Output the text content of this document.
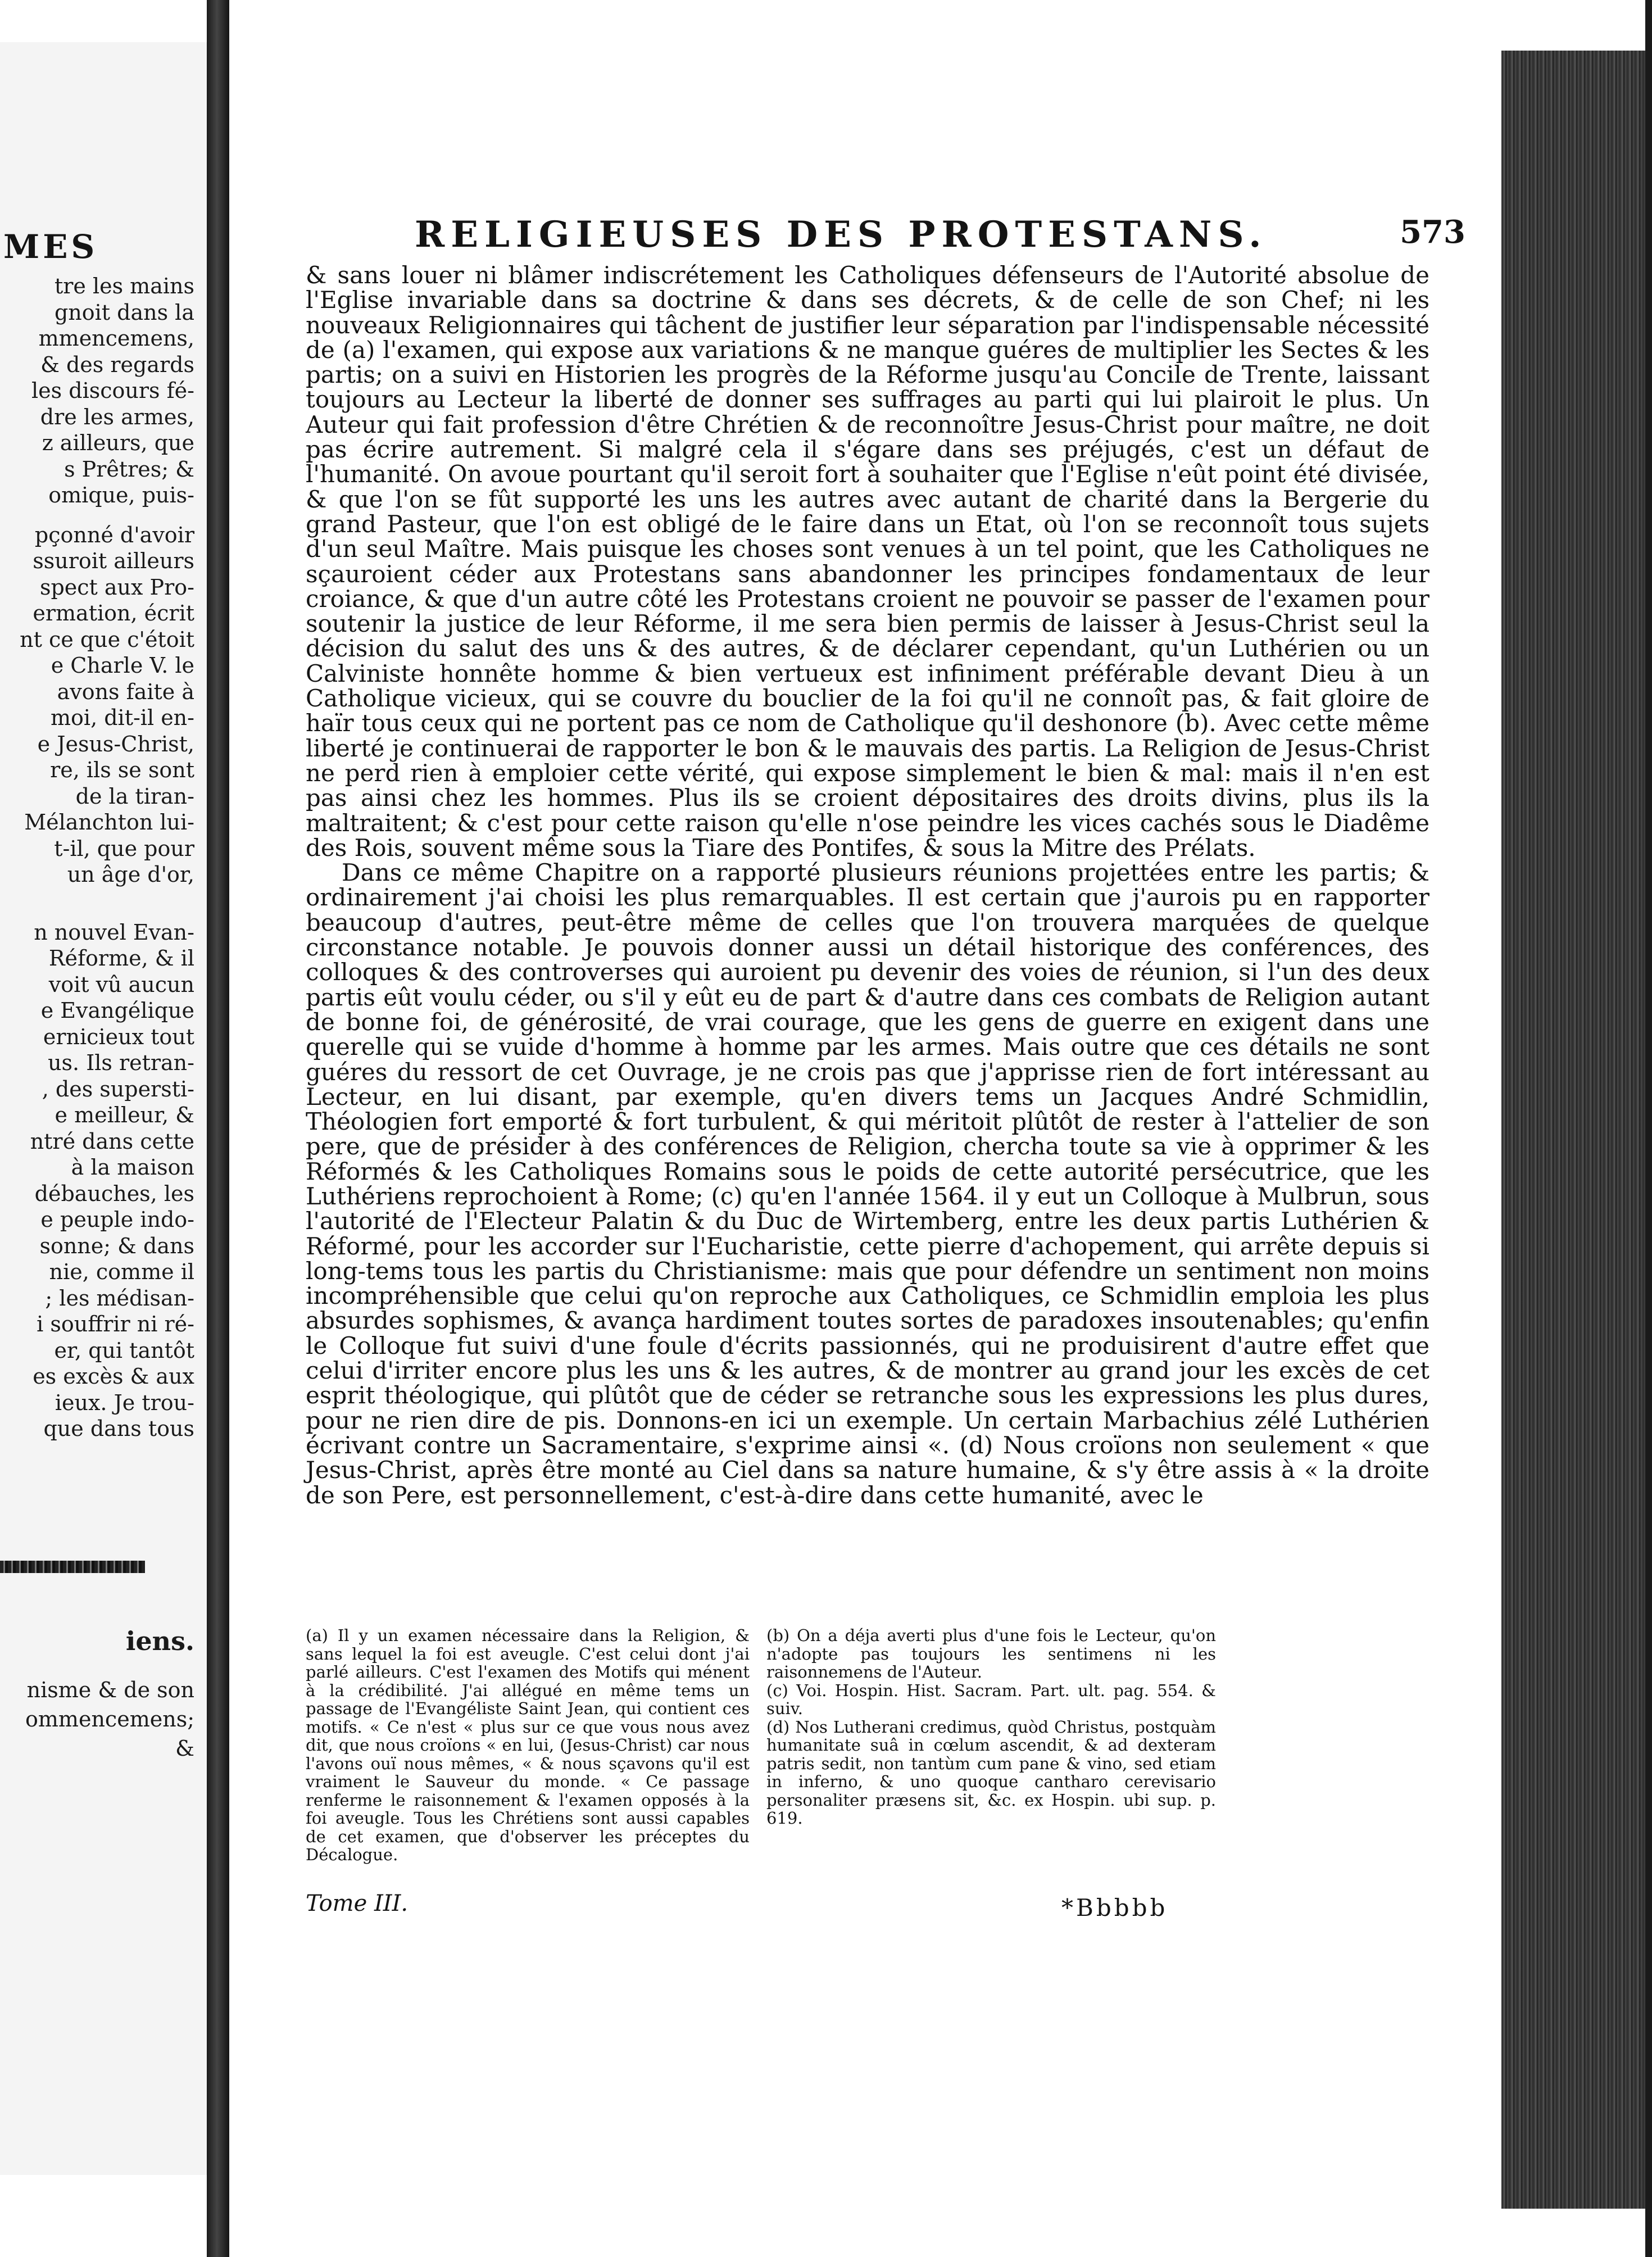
MES
tre les mains
gnoit dans la
mmencemens,
& des regards
les discours fé-
dre les armes,
z ailleurs, que
s Prêtres; &
omique, puis-
pçonné d'avoir
ssuroit ailleurs
spect aux Pro-
ermation, écrit
nt ce que c'étoit
e Charle V. le
avons faite à
moi, dit-il en-
e Jesus-Christ,
re, ils se sont
de la tiran-
Mélanchton lui-
t-il, que pour
un âge d'or,
n nouvel Evan-
Réforme, & il
voit vû aucun
e Evangélique
ernicieux tout
us. Ils retran-
, des supersti-
e meilleur, &
ntré dans cette
à la maison
débauches, les
e peuple indo-
sonne; & dans
nie, comme il
; les médisan-
i souffrir ni ré-
er, qui tantôt
es excès & aux
ieux. Je trou-
que dans tous
iens.
nisme & de son
ommencemens;
&
RELIGIEUSES DES PROTESTANS.	573

& sans louer ni blâmer indiscrétement les Catholiques défenseurs de l'Autorité absolue de l'Eglise invariable dans sa doctrine & dans ses décrets, & de celle de son Chef; ni les nouveaux Religionnaires qui tâchent de justifier leur séparation par l'indispensable nécessité de (a) l'examen, qui expose aux variations & ne manque guéres de multiplier les Sectes & les partis; on a suivi en Historien les progrès de la Réforme jusqu'au Concile de Trente, laissant toujours au Lecteur la liberté de donner ses suffrages au parti qui lui plairoit le plus. Un Auteur qui fait profession d'être Chrétien & de reconnoître Jesus-Christ pour maître, ne doit pas écrire autrement. Si malgré cela il s'égare dans ses préjugés, c'est un défaut de l'humanité. On avoue pourtant qu'il seroit fort à souhaiter que l'Eglise n'eût point été divisée, & que l'on se fût supporté les uns les autres avec autant de charité dans la Bergerie du grand Pasteur, que l'on est obligé de le faire dans un Etat, où l'on se reconnoît tous sujets d'un seul Maître. Mais puisque les choses sont venues à un tel point, que les Catholiques ne sçauroient céder aux Protestans sans abandonner les principes fondamentaux de leur croiance, & que d'un autre côté les Protestans croient ne pouvoir se passer de l'examen pour soutenir la justice de leur Réforme, il me sera bien permis de laisser à Jesus-Christ seul la décision du salut des uns & des autres, & de déclarer cependant, qu'un Luthérien ou un Calviniste honnête homme & bien vertueux est infiniment préférable devant Dieu à un Catholique vicieux, qui se couvre du bouclier de la foi qu'il ne connoît pas, & fait gloire de haïr tous ceux qui ne portent pas ce nom de Catholique qu'il deshonore (b). Avec cette même liberté je continuerai de rapporter le bon & le mauvais des partis. La Religion de Jesus-Christ ne perd rien à emploier cette vérité, qui expose simplement le bien & mal: mais il n'en est pas ainsi chez les hommes. Plus ils se croient dépositaires des droits divins, plus ils la maltraitent; & c'est pour cette raison qu'elle n'ose peindre les vices cachés sous le Diadême des Rois, souvent même sous la Tiare des Pontifes, & sous la Mitre des Prélats.

Dans ce même Chapitre on a rapporté plusieurs réunions projettées entre les partis; & ordinairement j'ai choisi les plus remarquables. Il est certain que j'aurois pu en rapporter beaucoup d'autres, peut-être même de celles que l'on trouvera marquées de quelque circonstance notable. Je pouvois donner aussi un détail historique des conférences, des colloques & des controverses qui auroient pu devenir des voies de réunion, si l'un des deux partis eût voulu céder, ou s'il y eût eu de part & d'autre dans ces combats de Religion autant de bonne foi, de générosité, de vrai courage, que les gens de guerre en exigent dans une querelle qui se vuide d'homme à homme par les armes. Mais outre que ces détails ne sont guéres du ressort de cet Ouvrage, je ne crois pas que j'apprisse rien de fort intéressant au Lecteur, en lui disant, par exemple, qu'en divers tems un Jacques André Schmidlin, Théologien fort emporté & fort turbulent, & qui méritoit plûtôt de rester à l'attelier de son pere, que de présider à des conférences de Religion, chercha toute sa vie à opprimer & les Réformés & les Catholiques Romains sous le poids de cette autorité persécutrice, que les Luthériens reprochoient à Rome; (c) qu'en l'année 1564. il y eut un Colloque à Mulbrun, sous l'autorité de l'Electeur Palatin & du Duc de Wirtemberg, entre les deux partis Luthérien & Réformé, pour les accorder sur l'Eucharistie, cette pierre d'achopement, qui arrête depuis si long-tems tous les partis du Christianisme: mais que pour défendre un sentiment non moins incompréhensible que celui qu'on reproche aux Catholiques, ce Schmidlin emploia les plus absurdes sophismes, & avança hardiment toutes sortes de paradoxes insoutenables; qu'enfin le Colloque fut suivi d'une foule d'écrits passionnés, qui ne produisirent d'autre effet que celui d'irriter encore plus les uns & les autres, & de montrer au grand jour les excès de cet esprit théologique, qui plûtôt que de céder se retranche sous les expressions les plus dures, pour ne rien dire de pis. Donnons-en ici un exemple. Un certain Marbachius zélé Luthérien écrivant contre un Sacramentaire, s'exprime ainsi «. (d) Nous croïons non seulement « que Jesus-Christ, après être monté au Ciel dans sa nature humaine, & s'y être assis à « la droite de son Pere, est personnellement, c'est-à-dire dans cette humanité, avec le

(a) Il y un examen nécessaire dans la Religion, & sans lequel la foi est aveugle. C'est celui dont j'ai parlé ailleurs. C'est l'examen des Motifs qui ménent à la crédibilité. J'ai allégué en même tems un passage de l'Evangéliste Saint Jean, qui contient ces motifs. « Ce n'est « plus sur ce que vous nous avez dit, que nous croïons « en lui, (Jesus-Christ) car nous l'avons ouï nous mêmes, « & nous sçavons qu'il est vraiment le Sauveur du monde. « Ce passage renferme le raisonnement & l'examen opposés à la foi aveugle. Tous les Chrétiens sont aussi capables de cet examen, que d'observer les préceptes du Décalogue.

(b) On a déja averti plus d'une fois le Lecteur, qu'on n'adopte pas toujours les sentimens ni les raisonnemens de l'Auteur.

(c) Voi. Hospin. Hist. Sacram. Part. ult. pag. 554. & suiv.

(d) Nos Lutherani credimus, quòd Christus, postquàm humanitate suâ in cœlum ascendit, & ad dexteram patris sedit, non tantùm cum pane & vino, sed etiam in inferno, & uno quoque cantharo cerevisario personaliter præsens sit, &c. ex Hospin. ubi sup. p. 619.

Tome III.	*Bbbbb
